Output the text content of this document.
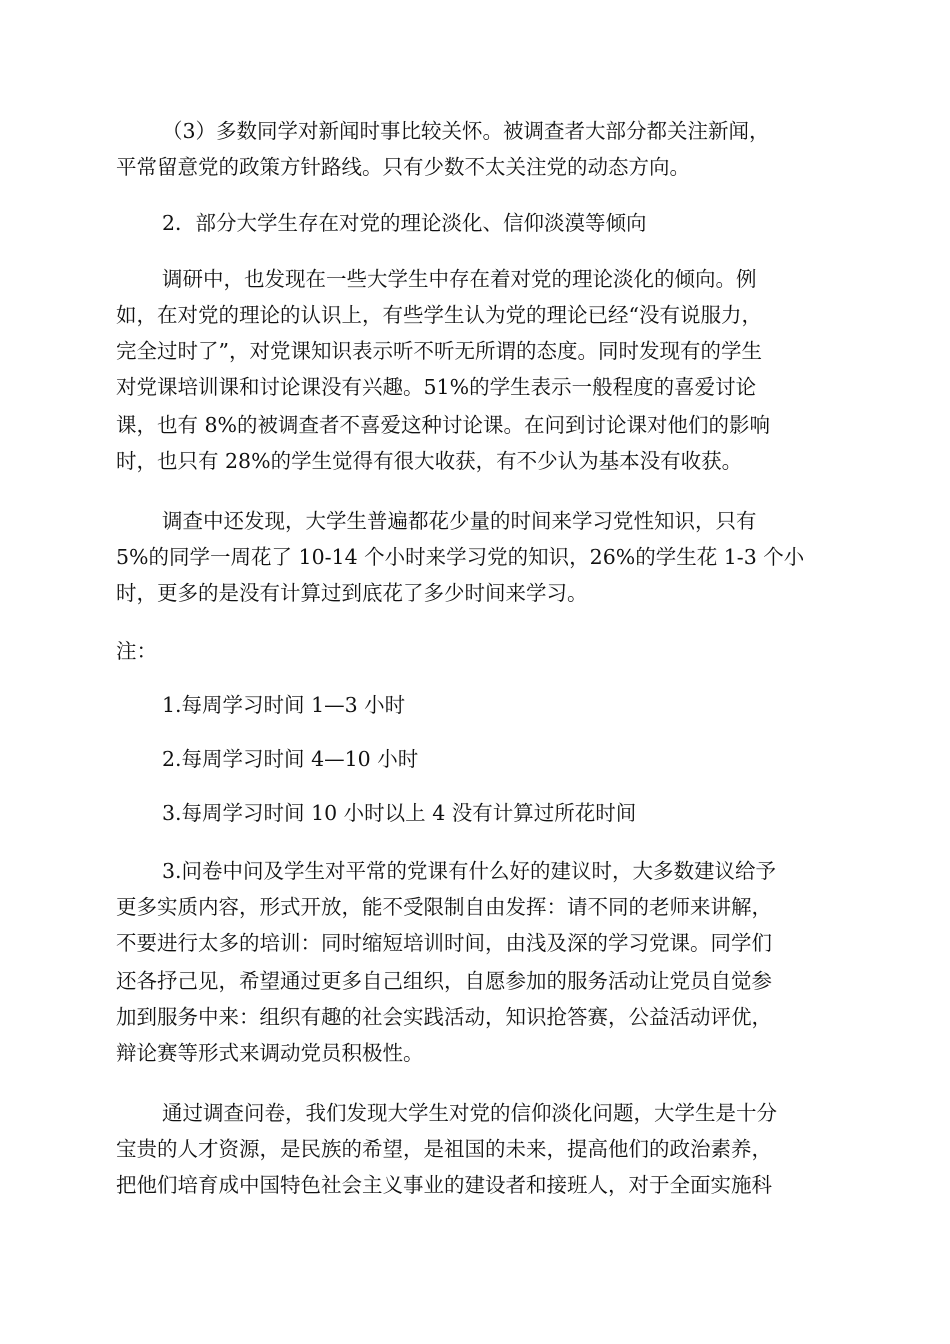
（3）多数同学对新闻时事比较关怀。被调查者大部分都关注新闻，
平常留意党的政策方针路线。只有少数不太关注党的动态方向。
2．部分大学生存在对党的理论淡化、信仰淡漠等倾向
调研中，也发现在一些大学生中存在着对党的理论淡化的倾向。例
如，在对党的理论的认识上，有些学生认为党的理论已经“没有说服力，
完全过时了”，对党课知识表示听不听无所谓的态度。同时发现有的学生
对党课培训课和讨论课没有兴趣。51%的学生表示一般程度的喜爱讨论
课，也有 8%的被调查者不喜爱这种讨论课。在问到讨论课对他们的影响
时，也只有 28%的学生觉得有很大收获，有不少认为基本没有收获。
调查中还发现，大学生普遍都花少量的时间来学习党性知识，只有
5%的同学一周花了 10-14 个小时来学习党的知识，26%的学生花 1-3 个小
时，更多的是没有计算过到底花了多少时间来学习。
注：
1.每周学习时间 1—3 小时
2.每周学习时间 4—10 小时
3.每周学习时间 10 小时以上 4 没有计算过所花时间
3.问卷中问及学生对平常的党课有什么好的建议时，大多数建议给予
更多实质内容，形式开放，能不受限制自由发挥：请不同的老师来讲解，
不要进行太多的培训：同时缩短培训时间，由浅及深的学习党课。同学们
还各抒己见，希望通过更多自己组织，自愿参加的服务活动让党员自觉参
加到服务中来：组织有趣的社会实践活动，知识抢答赛，公益活动评优，
辩论赛等形式来调动党员积极性。
通过调查问卷，我们发现大学生对党的信仰淡化问题，大学生是十分
宝贵的人才资源，是民族的希望，是祖国的未来，提高他们的政治素养，
把他们培育成中国特色社会主义事业的建设者和接班人，对于全面实施科
